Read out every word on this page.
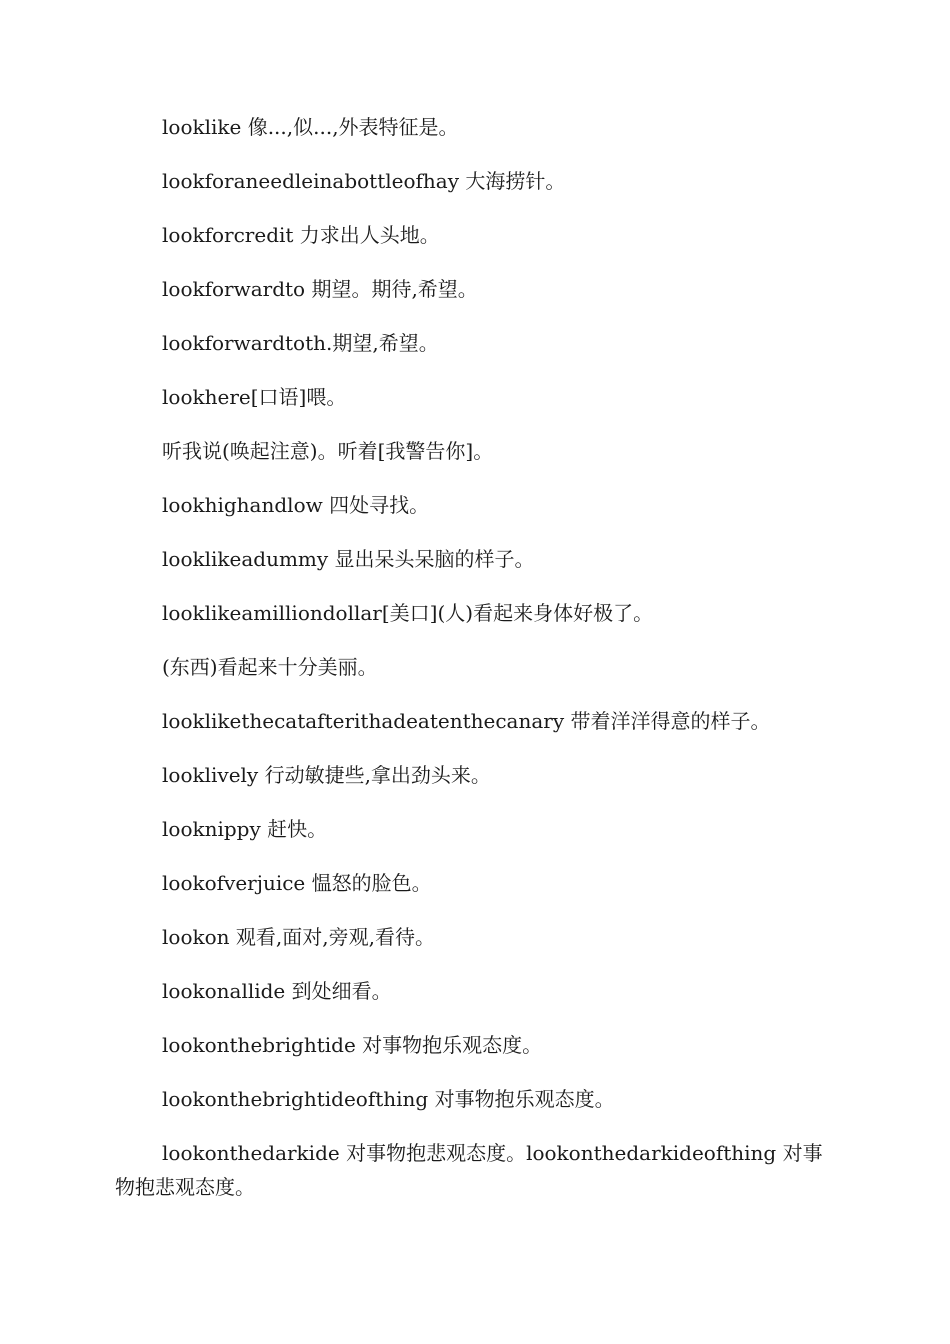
looklike 像...,似...,外表特征是。

lookforaneedleinabottleofhay 大海捞针。

lookforcredit 力求出人头地。

lookforwardto 期望。期待,希望。

lookforwardtoth.期望,希望。

lookhere[口语]喂。

听我说(唤起注意)。听着[我警告你]。

lookhighandlow 四处寻找。

looklikeadummy 显出呆头呆脑的样子。

looklikeamilliondollar[美口](人)看起来身体好极了。

(东西)看起来十分美丽。

looklikethecatafterithadeatenthecanary 带着洋洋得意的样子。

looklively 行动敏捷些,拿出劲头来。

looknippy 赶快。

lookofverjuice 愠怒的脸色。

lookon 观看,面对,旁观,看待。

lookonallide 到处细看。

lookonthebrightide 对事物抱乐观态度。

lookonthebrightideofthing 对事物抱乐观态度。

lookonthedarkide 对事物抱悲观态度。lookonthedarkideofthing 对事物抱悲观态度。
